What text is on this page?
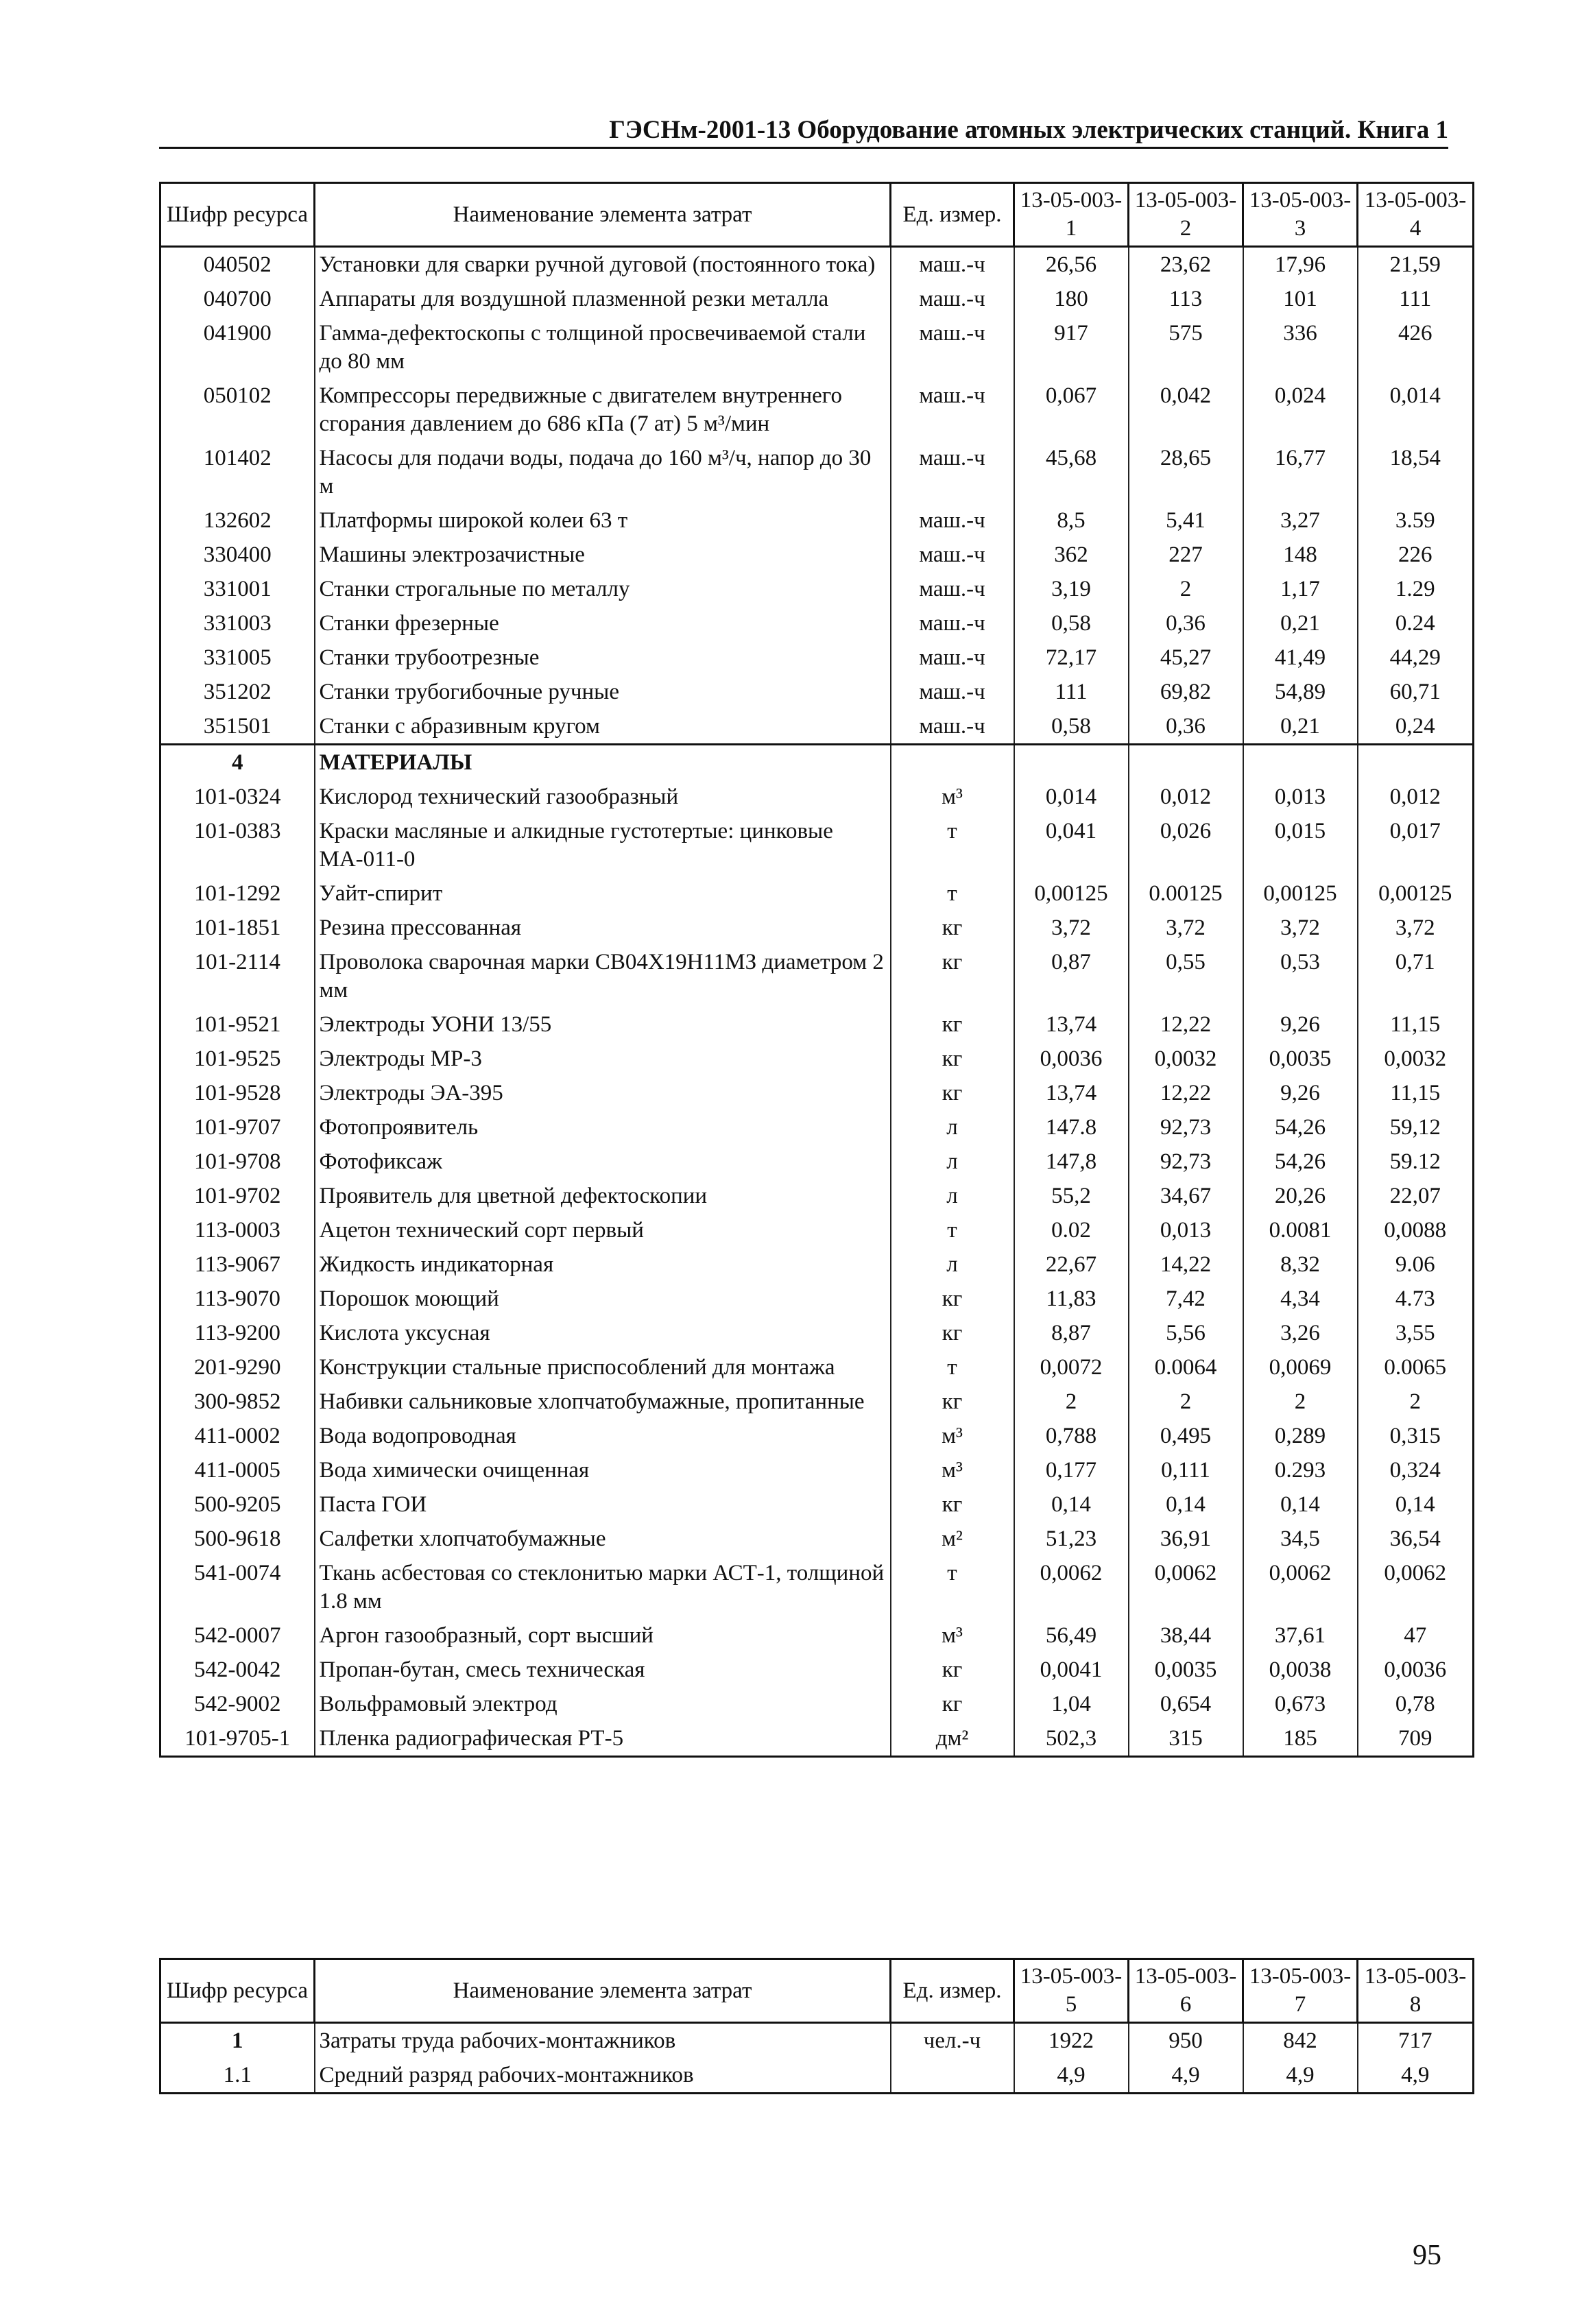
ГЭСНм-2001-13 Оборудование атомных электрических станций. Книга 1
Шифр ресурса	Наименование элемента затрат	Ед. измер.	13-05-003-1	13-05-003-2	13-05-003-3	13-05-003-4
040502	Установки для сварки ручной дуговой (постоянного тока)	маш.-ч	26,56	23,62	17,96	21,59
040700	Аппараты для воздушной плазменной резки металла	маш.-ч	180	113	101	111
041900	Гамма-дефектоскопы с толщиной просвечиваемой стали до 80 мм	маш.-ч	917	575	336	426
050102	Компрессоры передвижные с двигателем внутреннего сгорания давлением до 686 кПа (7 ат) 5 м³/мин	маш.-ч	0,067	0,042	0,024	0,014
101402	Насосы для подачи воды, подача до 160 м³/ч, напор до 30 м	маш.-ч	45,68	28,65	16,77	18,54
132602	Платформы широкой колеи 63 т	маш.-ч	8,5	5,41	3,27	3.59
330400	Машины электрозачистные	маш.-ч	362	227	148	226
331001	Станки строгальные по металлу	маш.-ч	3,19	2	1,17	1.29
331003	Станки фрезерные	маш.-ч	0,58	0,36	0,21	0.24
331005	Станки трубоотрезные	маш.-ч	72,17	45,27	41,49	44,29
351202	Станки трубогибочные ручные	маш.-ч	111	69,82	54,89	60,71
351501	Станки с абразивным кругом	маш.-ч	0,58	0,36	0,21	0,24
4	МАТЕРИАЛЫ					
101-0324	Кислород технический газообразный	м³	0,014	0,012	0,013	0,012
101-0383	Краски масляные и алкидные густотертые: цинковые МА-011-0	т	0,041	0,026	0,015	0,017
101-1292	Уайт-спирит	т	0,00125	0.00125	0,00125	0,00125
101-1851	Резина прессованная	кг	3,72	3,72	3,72	3,72
101-2114	Проволока сварочная марки СВ04Х19Н11МЗ диаметром 2 мм	кг	0,87	0,55	0,53	0,71
101-9521	Электроды УОНИ 13/55	кг	13,74	12,22	9,26	11,15
101-9525	Электроды МР-3	кг	0,0036	0,0032	0,0035	0,0032
101-9528	Электроды ЭА-395	кг	13,74	12,22	9,26	11,15
101-9707	Фотопроявитель	л	147.8	92,73	54,26	59,12
101-9708	Фотофиксаж	л	147,8	92,73	54,26	59.12
101-9702	Проявитель для цветной дефектоскопии	л	55,2	34,67	20,26	22,07
113-0003	Ацетон технический сорт первый	т	0.02	0,013	0.0081	0,0088
113-9067	Жидкость индикаторная	л	22,67	14,22	8,32	9.06
113-9070	Порошок моющий	кг	11,83	7,42	4,34	4.73
113-9200	Кислота уксусная	кг	8,87	5,56	3,26	3,55
201-9290	Конструкции стальные приспособлений для монтажа	т	0,0072	0.0064	0,0069	0.0065
300-9852	Набивки сальниковые хлопчатобумажные, пропитанные	кг	2	2	2	2
411-0002	Вода водопроводная	м³	0,788	0,495	0,289	0,315
411-0005	Вода химически очищенная	м³	0,177	0,111	0.293	0,324
500-9205	Паста ГОИ	кг	0,14	0,14	0,14	0,14
500-9618	Салфетки хлопчатобумажные	м²	51,23	36,91	34,5	36,54
541-0074	Ткань асбестовая со стеклонитью марки АСТ-1, толщиной 1.8 мм	т	0,0062	0,0062	0,0062	0,0062
542-0007	Аргон газообразный, сорт высший	м³	56,49	38,44	37,61	47
542-0042	Пропан-бутан, смесь техническая	кг	0,0041	0,0035	0,0038	0,0036
542-9002	Вольфрамовый электрод	кг	1,04	0,654	0,673	0,78
101-9705-1	Пленка радиографическая РТ-5	дм²	502,3	315	185	709
Шифр ресурса	Наименование элемента затрат	Ед. измер.	13-05-003-5	13-05-003-6	13-05-003-7	13-05-003-8
1	Затраты труда рабочих-монтажников	чел.-ч	1922	950	842	717
1.1	Средний разряд рабочих-монтажников		4,9	4,9	4,9	4,9
95
